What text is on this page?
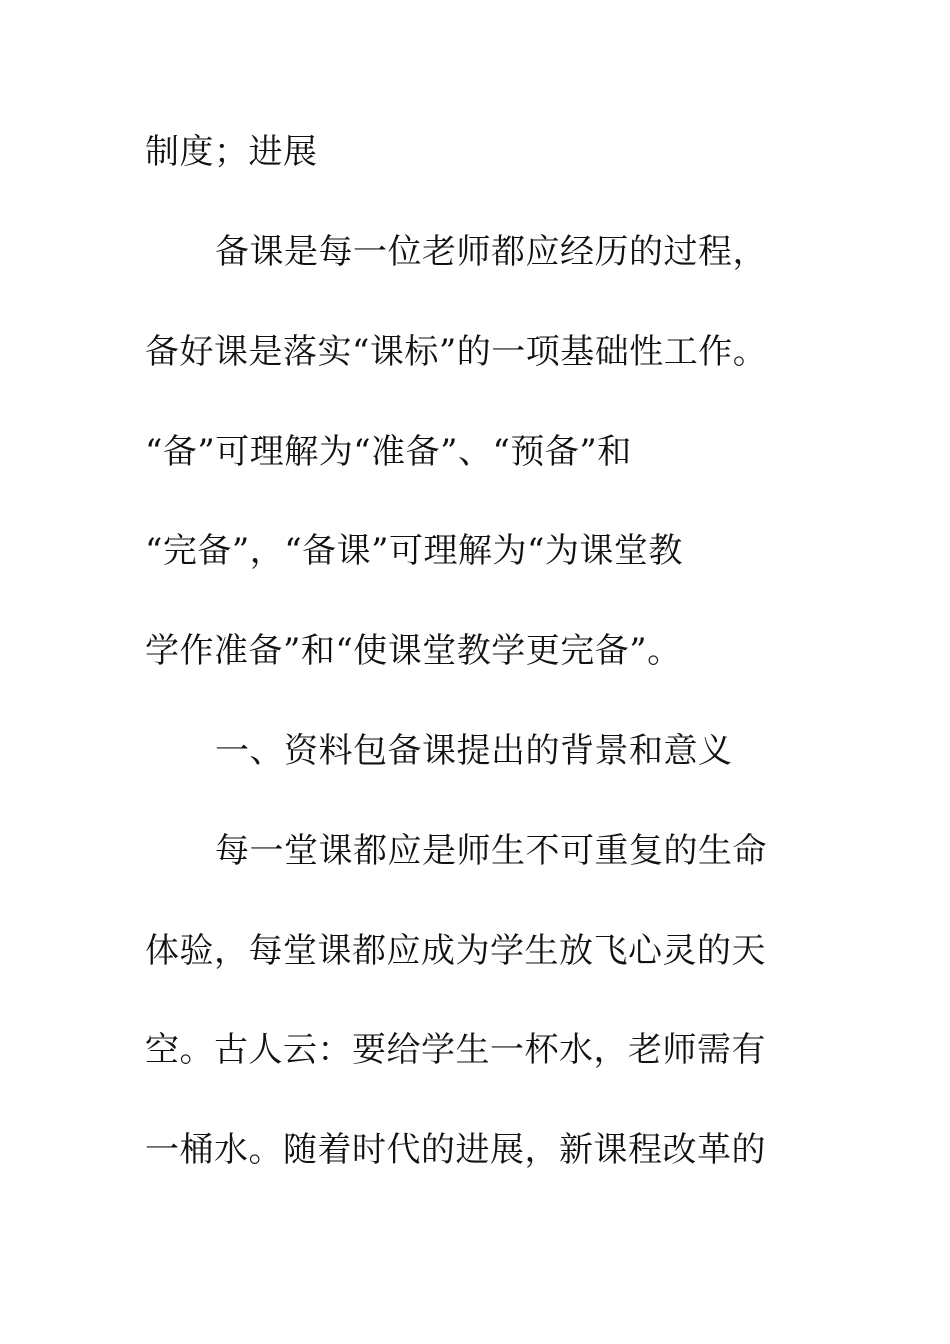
制度；进展
备课是每一位老师都应经历的过程，
备好课是落实“课标”的一项基础性工作。
“备”可理解为“准备”、“预备”和
“完备”，“备课”可理解为“为课堂教
学作准备”和“使课堂教学更完备”。
一、资料包备课提出的背景和意义
每一堂课都应是师生不可重复的生命
体验，每堂课都应成为学生放飞心灵的天
空。古人云：要给学生一杯水，老师需有
一桶水。随着时代的进展，新课程改革的
